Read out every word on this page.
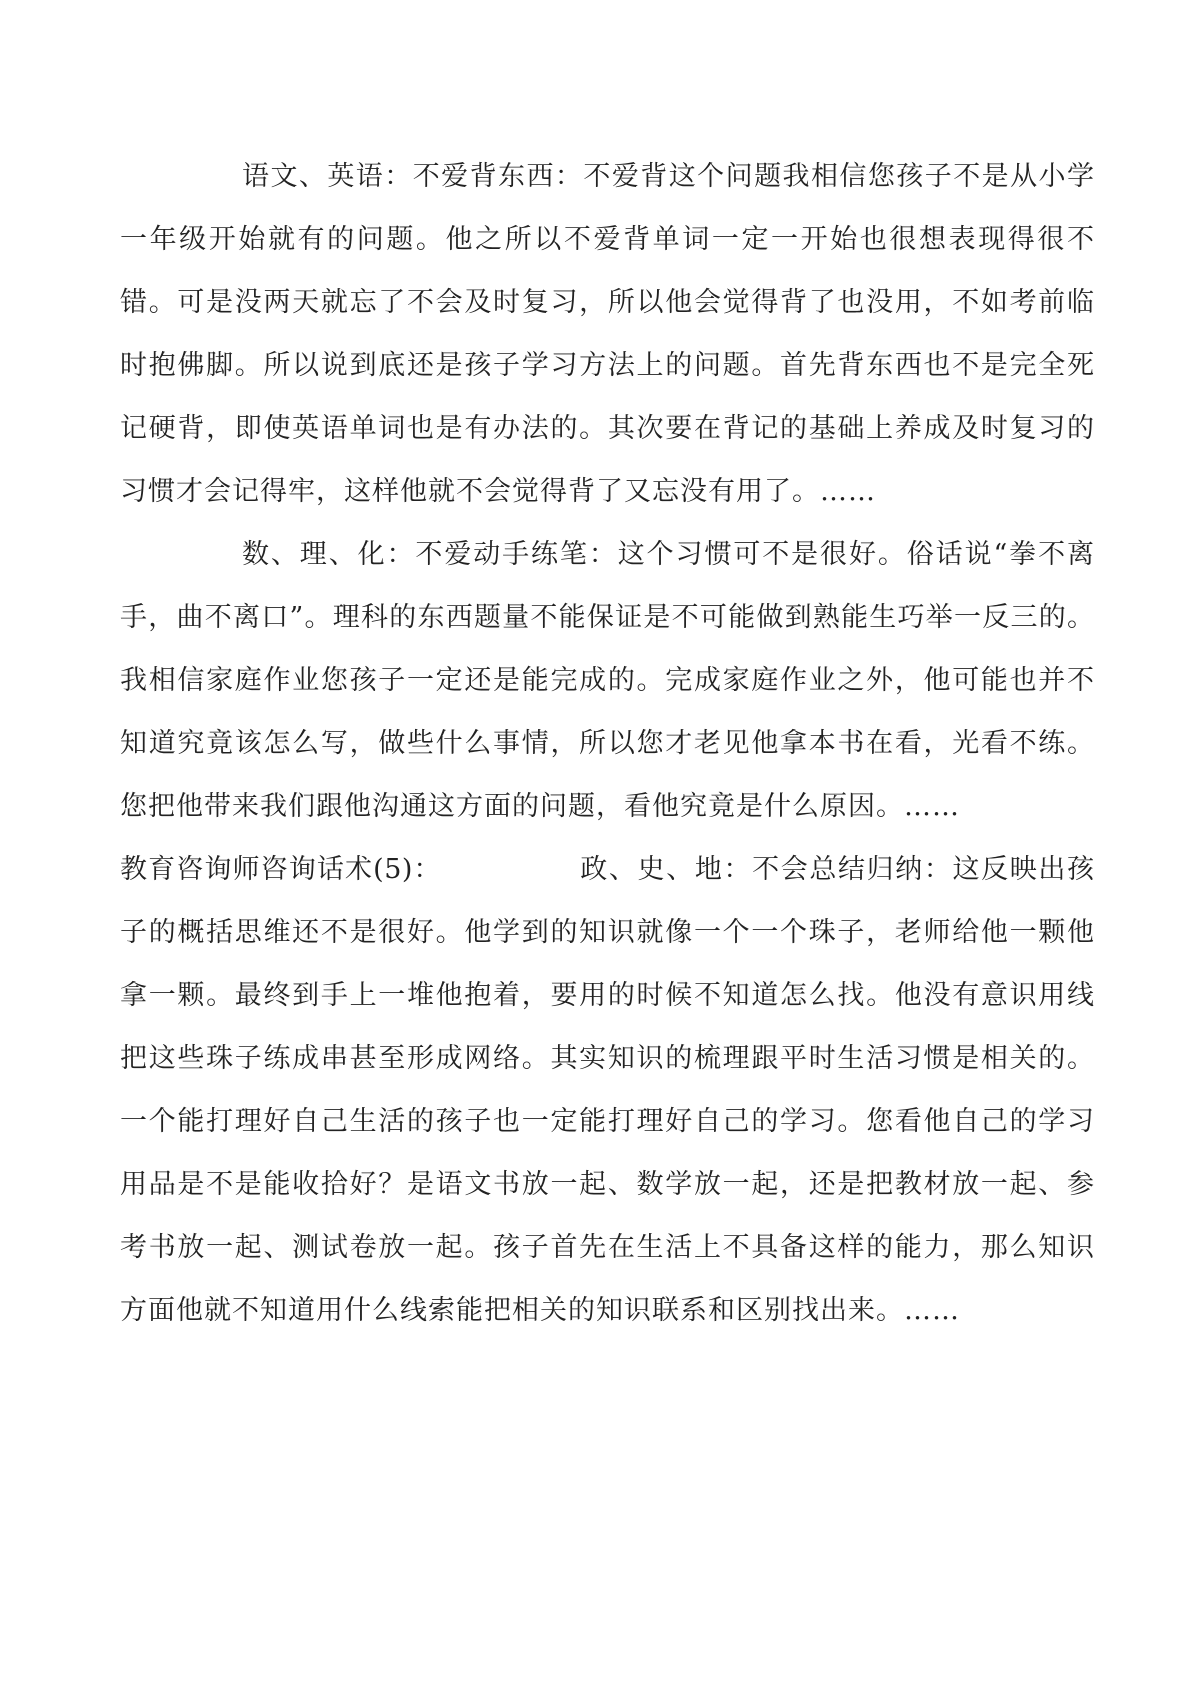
语文、英语：不爱背东西：不爱背这个问题我相信您孩子不是从小学一年级开始就有的问题。他之所以不爱背单词一定一开始也很想表现得很不错。可是没两天就忘了不会及时复习，所以他会觉得背了也没用，不如考前临时抱佛脚。所以说到底还是孩子学习方法上的问题。首先背东西也不是完全死记硬背，即使英语单词也是有办法的。其次要在背记的基础上养成及时复习的习惯才会记得牢，这样他就不会觉得背了又忘没有用了。……

数、理、化：不爱动手练笔：这个习惯可不是很好。俗话说“拳不离手，曲不离口”。理科的东西题量不能保证是不可能做到熟能生巧举一反三的。我相信家庭作业您孩子一定还是能完成的。完成家庭作业之外，他可能也并不知道究竟该怎么写，做些什么事情，所以您才老见他拿本书在看，光看不练。您把他带来我们跟他沟通这方面的问题，看他究竟是什么原因。……

教育咨询师咨询话术(5)：	政、史、地：不会总结归纳：这反映出孩子的概括思维还不是很好。他学到的知识就像一个一个珠子，老师给他一颗他拿一颗。最终到手上一堆他抱着，要用的时候不知道怎么找。他没有意识用线把这些珠子练成串甚至形成网络。其实知识的梳理跟平时生活习惯是相关的。一个能打理好自己生活的孩子也一定能打理好自己的学习。您看他自己的学习用品是不是能收拾好？是语文书放一起、数学放一起，还是把教材放一起、参考书放一起、测试卷放一起。孩子首先在生活上不具备这样的能力，那么知识方面他就不知道用什么线索能把相关的知识联系和区别找出来。……
